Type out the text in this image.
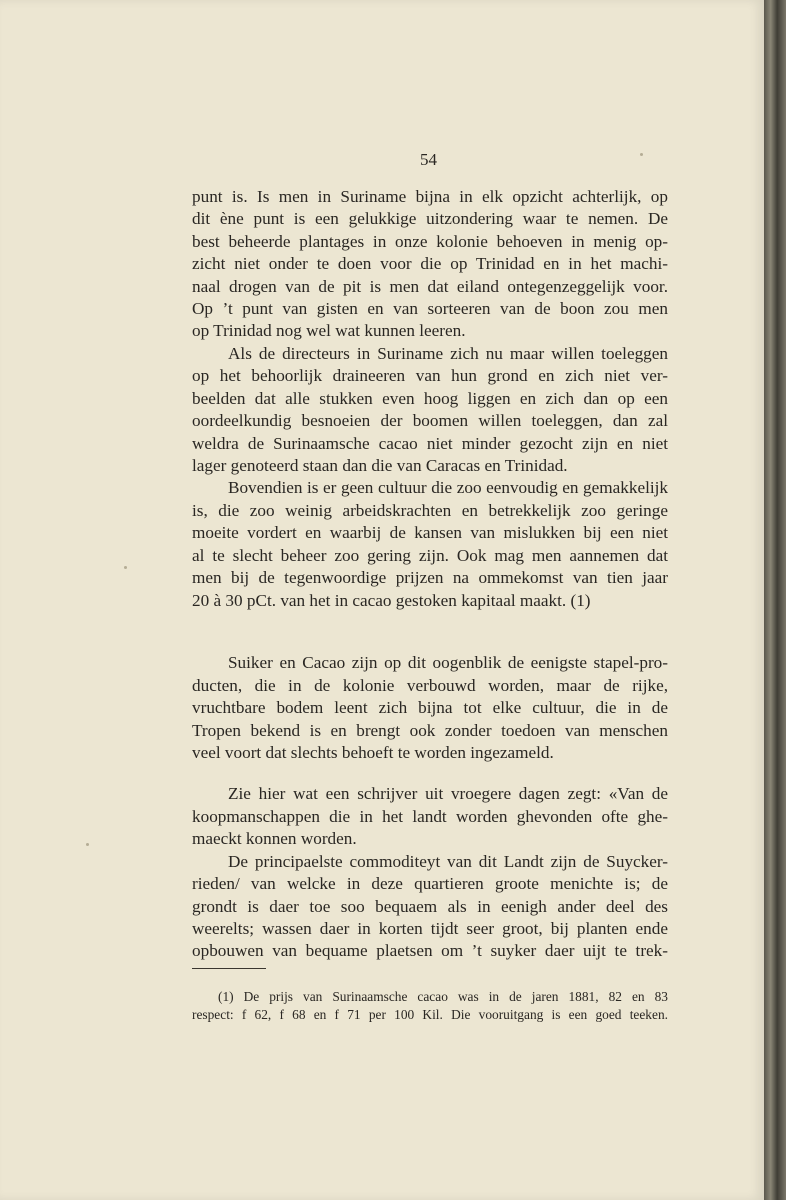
54
punt is. Is men in Suriname bijna in elk opzicht achterlijk, op
dit ène punt is een gelukkige uitzondering waar te nemen. De
best beheerde plantages in onze kolonie behoeven in menig op-
zicht niet onder te doen voor die op Trinidad en in het machi-
naal drogen van de pit is men dat eiland ontegenzeggelijk voor.
Op ’t punt van gisten en van sorteeren van de boon zou men
op Trinidad nog wel wat kunnen leeren.
Als de directeurs in Suriname zich nu maar willen toeleggen
op het behoorlijk draineeren van hun grond en zich niet ver-
beelden dat alle stukken even hoog liggen en zich dan op een
oordeelkundig besnoeien der boomen willen toeleggen, dan zal
weldra de Surinaamsche cacao niet minder gezocht zijn en niet
lager genoteerd staan dan die van Caracas en Trinidad.
Bovendien is er geen cultuur die zoo eenvoudig en gemakkelijk
is, die zoo weinig arbeidskrachten en betrekkelijk zoo geringe
moeite vordert en waarbij de kansen van mislukken bij een niet
al te slecht beheer zoo gering zijn. Ook mag men aannemen dat
men bij de tegenwoordige prijzen na ommekomst van tien jaar
20 à 30 pCt. van het in cacao gestoken kapitaal maakt. (1)
Suiker en Cacao zijn op dit oogenblik de eenigste stapel-pro-
ducten, die in de kolonie verbouwd worden, maar de rijke,
vruchtbare bodem leent zich bijna tot elke cultuur, die in de
Tropen bekend is en brengt ook zonder toedoen van menschen
veel voort dat slechts behoeft te worden ingezameld.
Zie hier wat een schrijver uit vroegere dagen zegt: «Van de
koopmanschappen die in het landt worden ghevonden ofte ghe-
maeckt konnen worden.
De principaelste commoditeyt van dit Landt zijn de Suycker-
rieden/ van welcke in deze quartieren groote menichte is; de
grondt is daer toe soo bequaem als in eenigh ander deel des
weerelts; wassen daer in korten tijdt seer groot, bij planten ende
opbouwen van bequame plaetsen om ’t suyker daer uijt te trek-
(1) De prijs van Surinaamsche cacao was in de jaren 1881, 82 en 83
respect: f 62, f 68 en f 71 per 100 Kil. Die vooruitgang is een goed teeken.
